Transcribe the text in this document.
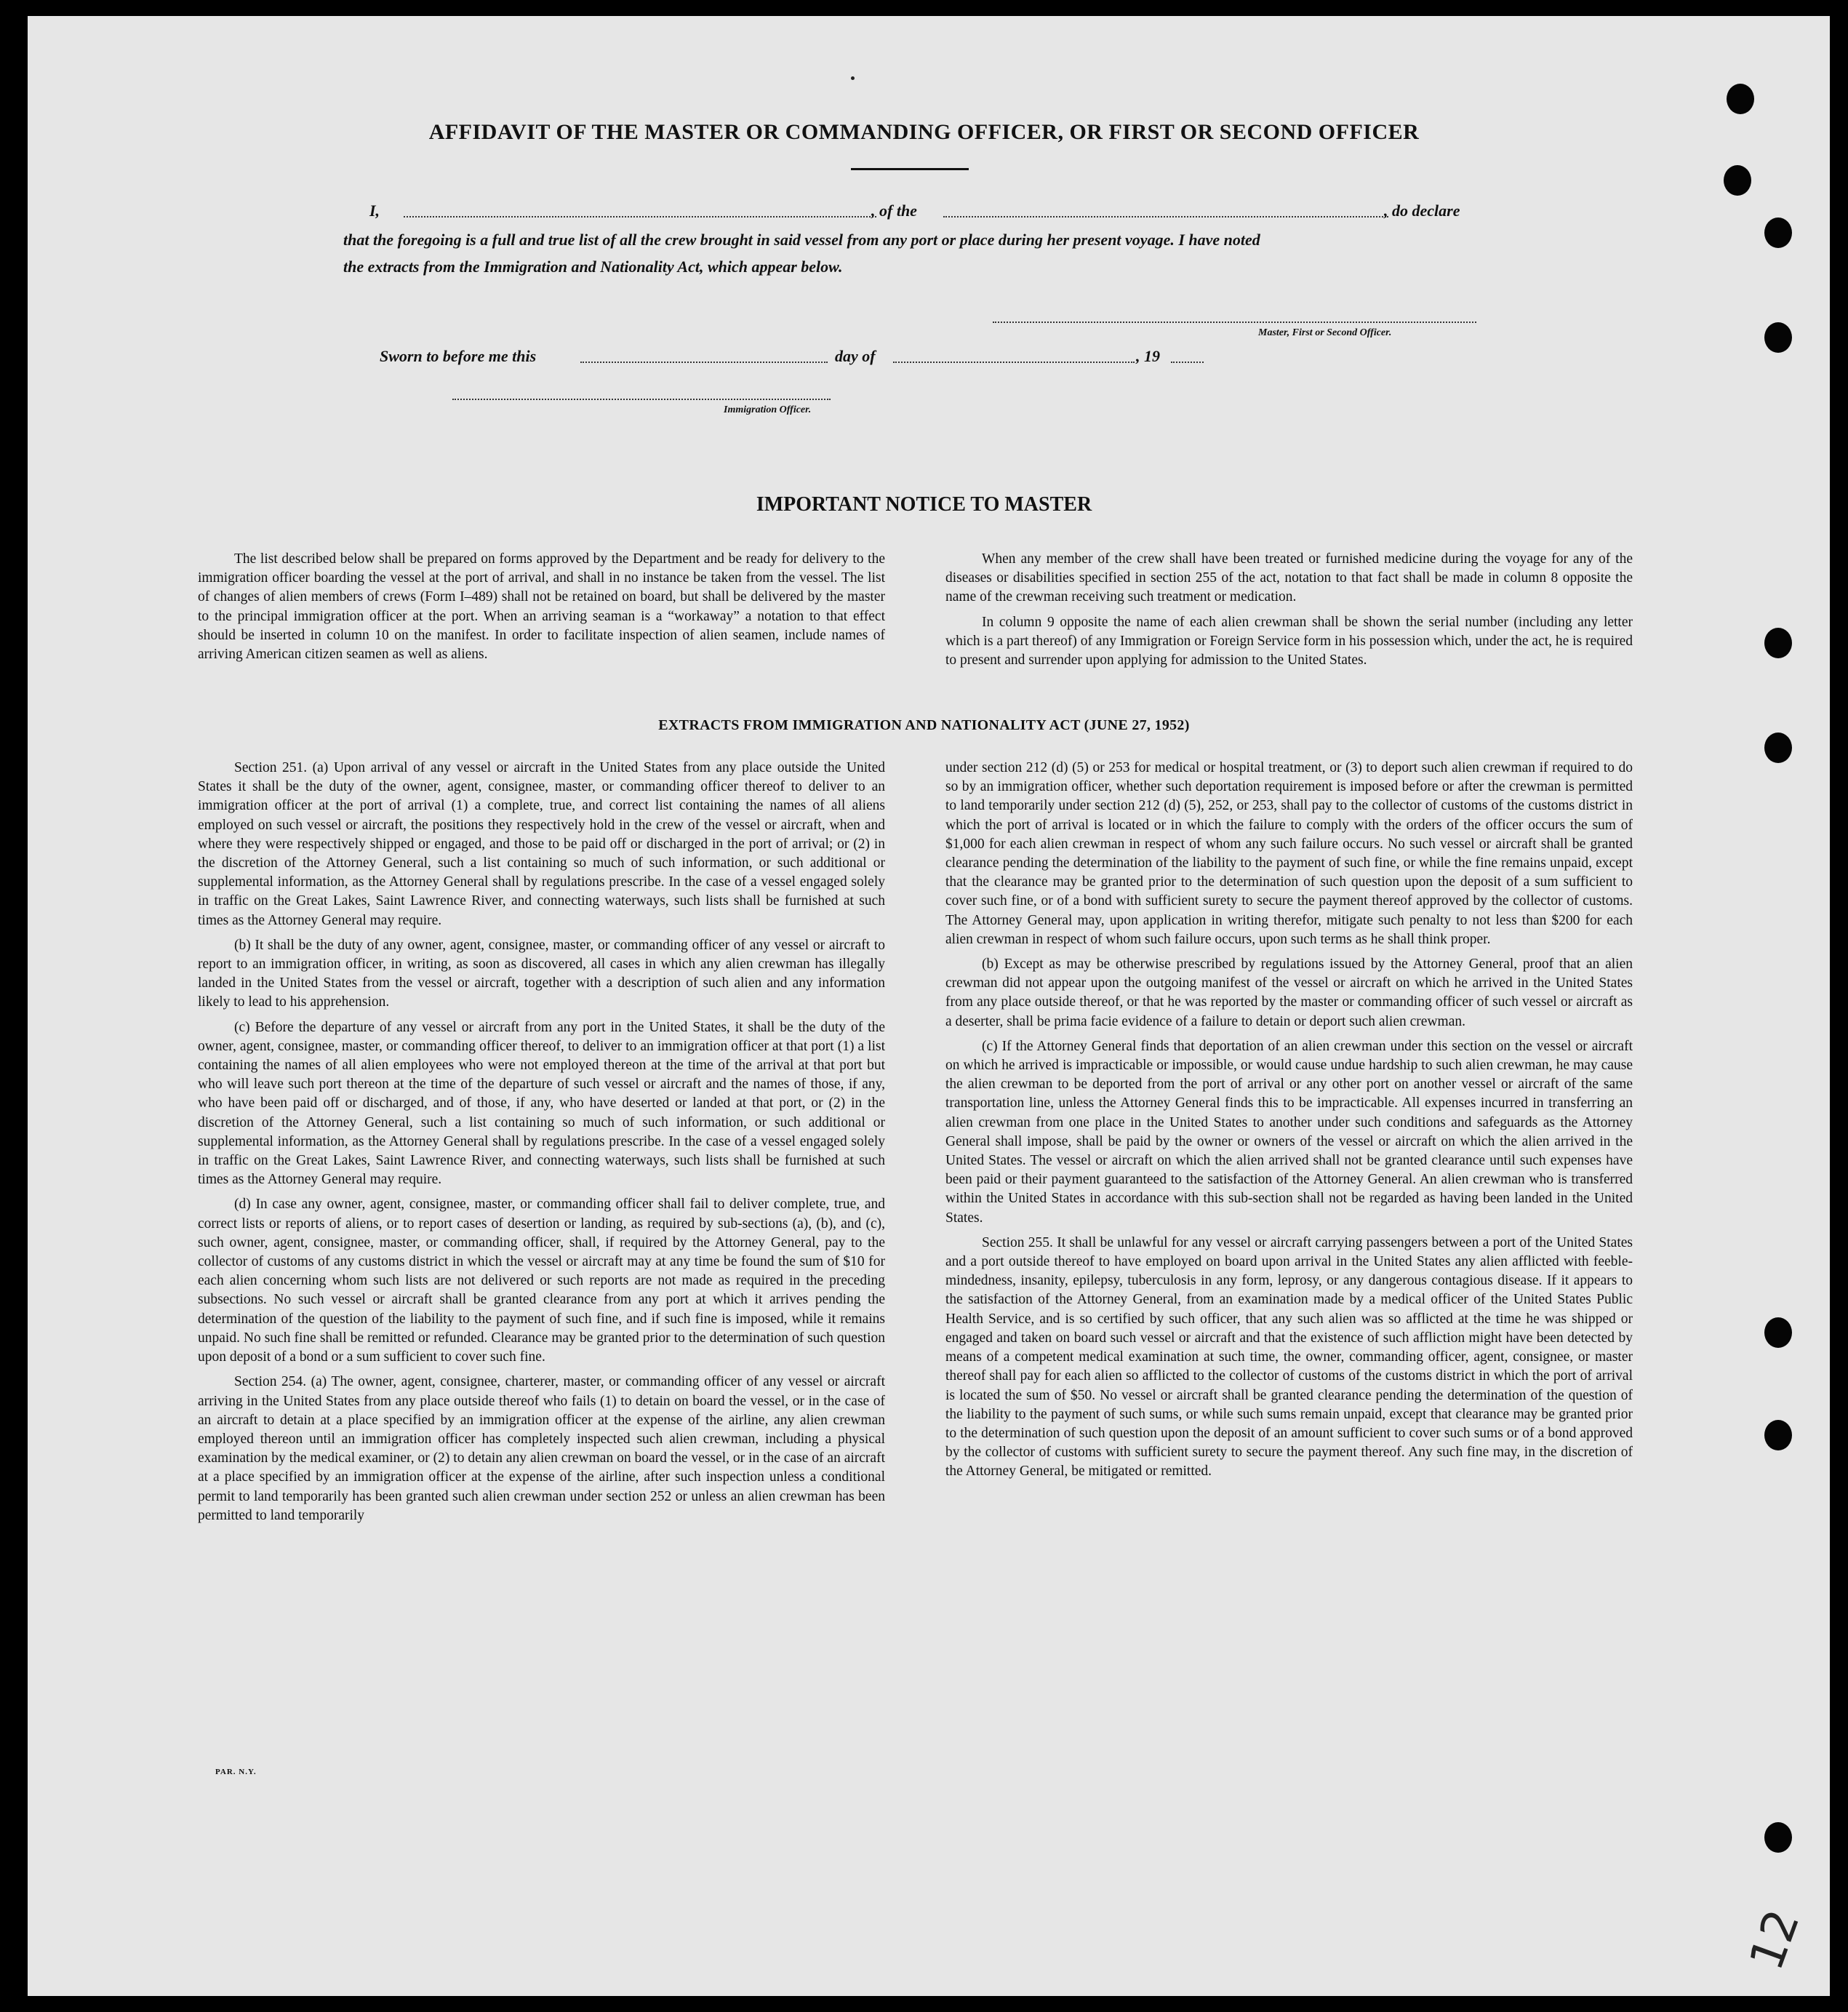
AFFIDAVIT OF THE MASTER OR COMMANDING OFFICER, OR FIRST OR SECOND OFFICER
I,	, of the	, do declare
that the foregoing is a full and true list of all the crew brought in said vessel from any port or place during her present voyage. I have noted
the extracts from the Immigration and Nationality Act, which appear below.
Master, First or Second Officer.
Sworn to before me this	day of	, 19
Immigration Officer.
IMPORTANT NOTICE TO MASTER

The list described below shall be prepared on forms approved by the Department and be ready for delivery to the immigration officer boarding the vessel at the port of arrival, and shall in no instance be taken from the vessel. The list of changes of alien members of crews (Form I–489) shall not be retained on board, but shall be delivered by the master to the principal immigration officer at the port. When an arriving seaman is a “workaway” a notation to that effect should be inserted in column 10 on the manifest. In order to facilitate inspection of alien seamen, include names of arriving American citizen seamen as well as aliens.

When any member of the crew shall have been treated or furnished medicine during the voyage for any of the diseases or disabilities specified in section 255 of the act, notation to that fact shall be made in column 8 opposite the name of the crewman receiving such treatment or medication.

In column 9 opposite the name of each alien crewman shall be shown the serial number (including any letter which is a part thereof) of any Immigration or Foreign Service form in his possession which, under the act, he is required to present and surrender upon applying for admission to the United States.

EXTRACTS FROM IMMIGRATION AND NATIONALITY ACT (JUNE 27, 1952)

Section 251. (a) Upon arrival of any vessel or aircraft in the United States from any place outside the United States it shall be the duty of the owner, agent, consignee, master, or commanding officer thereof to deliver to an immigration officer at the port of arrival (1) a complete, true, and correct list containing the names of all aliens employed on such vessel or aircraft, the positions they respectively hold in the crew of the vessel or aircraft, when and where they were respectively shipped or engaged, and those to be paid off or discharged in the port of arrival; or (2) in the discretion of the Attorney General, such a list containing so much of such information, or such additional or supplemental information, as the Attorney General shall by regulations prescribe. In the case of a vessel engaged solely in traffic on the Great Lakes, Saint Lawrence River, and connecting waterways, such lists shall be furnished at such times as the Attorney General may require.

(b) It shall be the duty of any owner, agent, consignee, master, or commanding officer of any vessel or aircraft to report to an immigration officer, in writing, as soon as discovered, all cases in which any alien crewman has illegally landed in the United States from the vessel or aircraft, together with a description of such alien and any information likely to lead to his apprehension.

(c) Before the departure of any vessel or aircraft from any port in the United States, it shall be the duty of the owner, agent, consignee, master, or commanding officer thereof, to deliver to an immigration officer at that port (1) a list containing the names of all alien employees who were not employed thereon at the time of the arrival at that port but who will leave such port thereon at the time of the departure of such vessel or aircraft and the names of those, if any, who have been paid off or discharged, and of those, if any, who have deserted or landed at that port, or (2) in the discretion of the Attorney General, such a list containing so much of such information, or such additional or supplemental information, as the Attorney General shall by regulations prescribe. In the case of a vessel engaged solely in traffic on the Great Lakes, Saint Lawrence River, and connecting waterways, such lists shall be furnished at such times as the Attorney General may require.

(d) In case any owner, agent, consignee, master, or commanding officer shall fail to deliver complete, true, and correct lists or reports of aliens, or to report cases of desertion or landing, as required by sub-sections (a), (b), and (c), such owner, agent, consignee, master, or commanding officer, shall, if required by the Attorney General, pay to the collector of customs of any customs district in which the vessel or aircraft may at any time be found the sum of $10 for each alien concerning whom such lists are not delivered or such reports are not made as required in the preceding subsections. No such vessel or aircraft shall be granted clearance from any port at which it arrives pending the determination of the question of the liability to the payment of such fine, and if such fine is imposed, while it remains unpaid. No such fine shall be remitted or refunded. Clearance may be granted prior to the determination of such question upon deposit of a bond or a sum sufficient to cover such fine.

Section 254. (a) The owner, agent, consignee, charterer, master, or commanding officer of any vessel or aircraft arriving in the United States from any place outside thereof who fails (1) to detain on board the vessel, or in the case of an aircraft to detain at a place specified by an immigration officer at the expense of the airline, any alien crewman employed thereon until an immigration officer has completely inspected such alien crewman, including a physical examination by the medical examiner, or (2) to detain any alien crewman on board the vessel, or in the case of an aircraft at a place specified by an immigration officer at the expense of the airline, after such inspection unless a conditional permit to land temporarily has been granted such alien crewman under section 252 or unless an alien crewman has been permitted to land temporarily

under section 212 (d) (5) or 253 for medical or hospital treatment, or (3) to deport such alien crewman if required to do so by an immigration officer, whether such deportation requirement is imposed before or after the crewman is permitted to land temporarily under section 212 (d) (5), 252, or 253, shall pay to the collector of customs of the customs district in which the port of arrival is located or in which the failure to comply with the orders of the officer occurs the sum of $1,000 for each alien crewman in respect of whom any such failure occurs. No such vessel or aircraft shall be granted clearance pending the determination of the liability to the payment of such fine, or while the fine remains unpaid, except that the clearance may be granted prior to the determination of such question upon the deposit of a sum sufficient to cover such fine, or of a bond with sufficient surety to secure the payment thereof approved by the collector of customs. The Attorney General may, upon application in writing therefor, mitigate such penalty to not less than $200 for each alien crewman in respect of whom such failure occurs, upon such terms as he shall think proper.

(b) Except as may be otherwise prescribed by regulations issued by the Attorney General, proof that an alien crewman did not appear upon the outgoing manifest of the vessel or aircraft on which he arrived in the United States from any place outside thereof, or that he was reported by the master or commanding officer of such vessel or aircraft as a deserter, shall be prima facie evidence of a failure to detain or deport such alien crewman.

(c) If the Attorney General finds that deportation of an alien crewman under this section on the vessel or aircraft on which he arrived is impracticable or impossible, or would cause undue hardship to such alien crewman, he may cause the alien crewman to be deported from the port of arrival or any other port on another vessel or aircraft of the same transportation line, unless the Attorney General finds this to be impracticable. All expenses incurred in transferring an alien crewman from one place in the United States to another under such conditions and safeguards as the Attorney General shall impose, shall be paid by the owner or owners of the vessel or aircraft on which the alien arrived in the United States. The vessel or aircraft on which the alien arrived shall not be granted clearance until such expenses have been paid or their payment guaranteed to the satisfaction of the Attorney General. An alien crewman who is transferred within the United States in accordance with this sub-section shall not be regarded as having been landed in the United States.

Section 255. It shall be unlawful for any vessel or aircraft carrying passengers between a port of the United States and a port outside thereof to have employed on board upon arrival in the United States any alien afflicted with feeble-mindedness, insanity, epilepsy, tuberculosis in any form, leprosy, or any dangerous contagious disease. If it appears to the satisfaction of the Attorney General, from an examination made by a medical officer of the United States Public Health Service, and is so certified by such officer, that any such alien was so afflicted at the time he was shipped or engaged and taken on board such vessel or aircraft and that the existence of such affliction might have been detected by means of a competent medical examination at such time, the owner, commanding officer, agent, consignee, or master thereof shall pay for each alien so afflicted to the collector of customs of the customs district in which the port of arrival is located the sum of $50. No vessel or aircraft shall be granted clearance pending the determination of the question of the liability to the payment of such sums, or while such sums remain unpaid, except that clearance may be granted prior to the determination of such question upon the deposit of an amount sufficient to cover such sums or of a bond approved by the collector of customs with sufficient surety to secure the payment thereof. Any such fine may, in the discretion of the Attorney General, be mitigated or remitted.

PAR. N.Y.
12
